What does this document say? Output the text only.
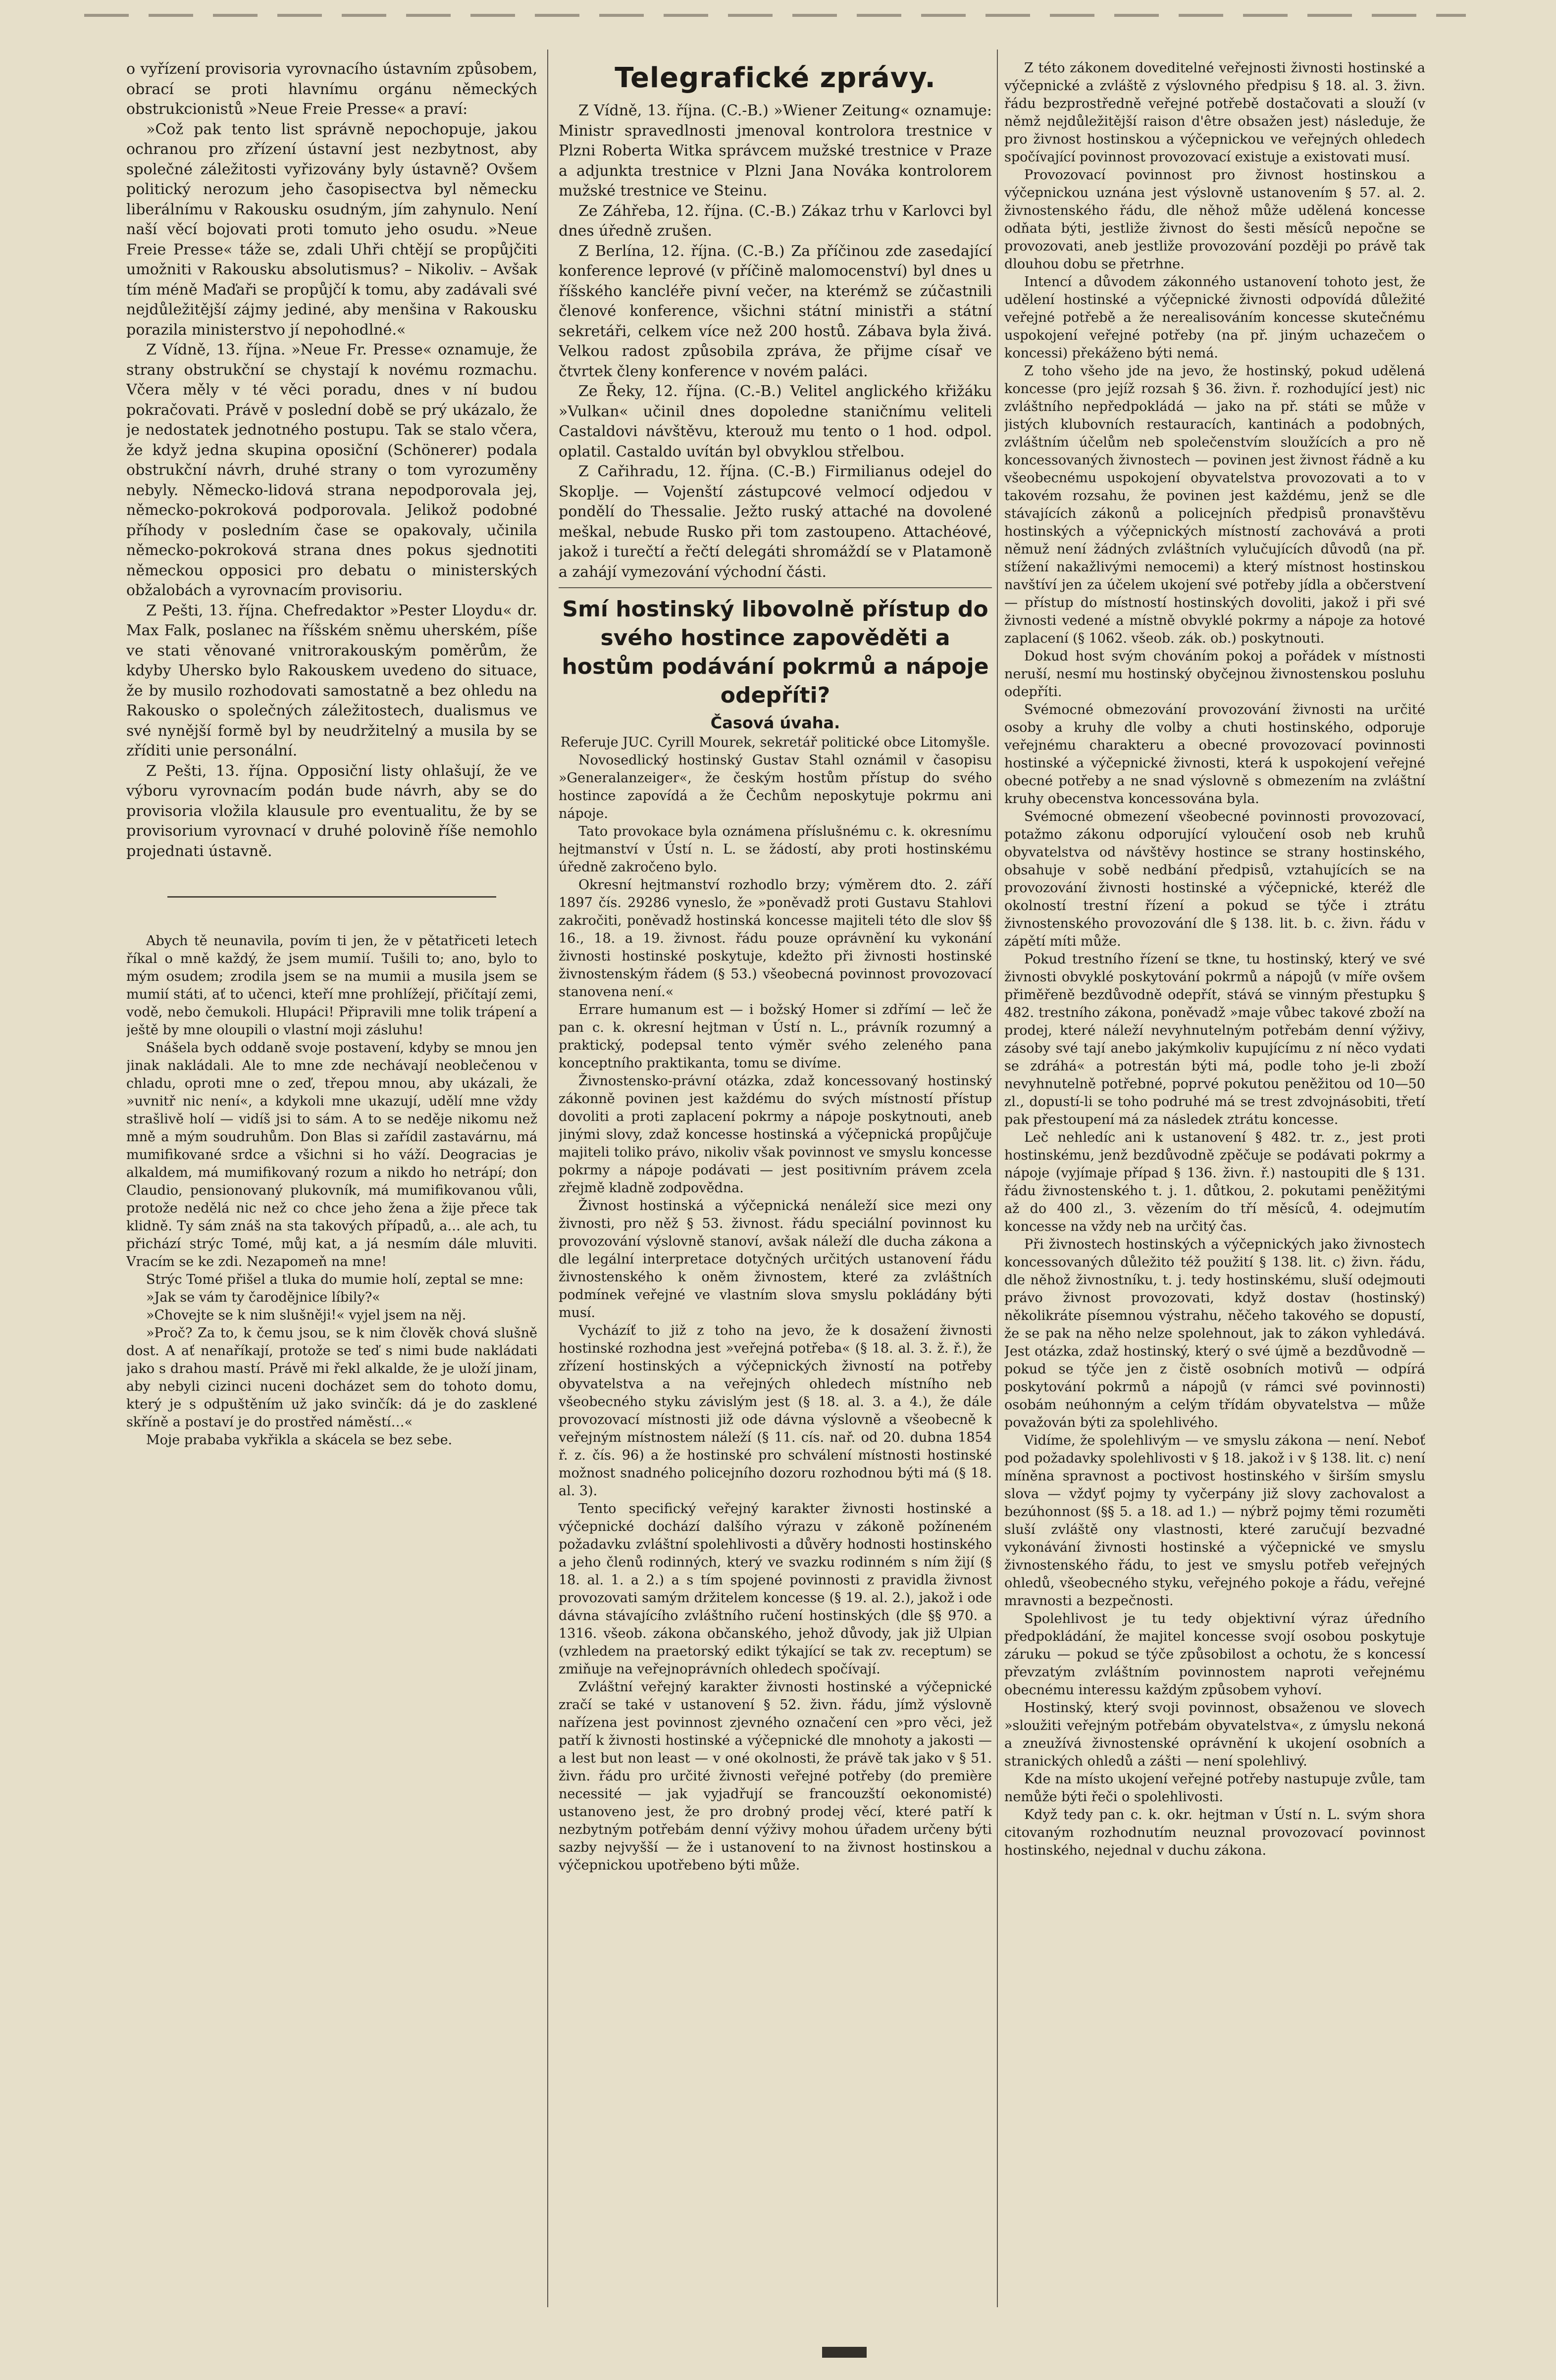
o vyřízení provisoria vyrovnacího ústavním způsobem, obrací se proti hlavnímu orgánu německých obstrukcionistů »Neue Freie Presse« a praví:

»Což pak tento list správně nepochopuje, jakou ochranou pro zřízení ústavní jest nezbytnost, aby společné záležitosti vyřizovány byly ústavně? Ovšem politický nerozum jeho časopisectva byl německu liberálnímu v Rakousku osudným, jím zahynulo. Není naší věcí bojovati proti tomuto jeho osudu. »Neue Freie Presse« táže se, zdali Uhři chtějí se propůjčiti umožniti v Rakousku absolutismus? – Nikoliv. – Avšak tím méně Maďaři se propůjčí k tomu, aby zadávali své nejdůležitější zájmy jediné, aby menšina v Rakousku porazila ministerstvo jí nepohodlné.«

Z Vídně, 13. října. »Neue Fr. Presse« oznamuje, že strany obstrukční se chystají k novému rozmachu. Včera měly v té věci poradu, dnes v ní budou pokračovati. Právě v poslední době se prý ukázalo, že je nedostatek jednotného postupu. Tak se stalo včera, že když jedna skupina oposiční (Schönerer) podala obstrukční návrh, druhé strany o tom vyrozuměny nebyly. Německo-lidová strana nepodporovala jej, německo-pokroková podporovala. Jelikož podobné příhody v posledním čase se opakovaly, učinila německo-pokroková strana dnes pokus sjednotiti německou opposici pro debatu o ministerských obžalobách a vyrovnacím provisoriu.

Z Pešti, 13. října. Chefredaktor »Pester Lloydu« dr. Max Falk, poslanec na říšském sněmu uherském, píše ve stati věnované vnitrorakouským poměrům, že kdyby Uhersko bylo Rakouskem uvedeno do situace, že by musilo rozhodovati samostatně a bez ohledu na Rakousko o společných záležitostech, dualismus ve své nynější formě byl by neudržitelný a musila by se zříditi unie personální.

Z Pešti, 13. října. Opposiční listy ohlašují, že ve výboru vyrovnacím podán bude návrh, aby se do provisoria vložila klausule pro eventualitu, že by se provisorium vyrovnací v druhé polovině říše nemohlo projednati ústavně.

Abych tě neunavila, povím ti jen, že v pětatřiceti letech říkal o mně každý, že jsem mumií. Tušili to; ano, bylo to mým osudem; zrodila jsem se na mumii a musila jsem se mumií státi, ať to učenci, kteří mne prohlížejí, přičítají zemi, vodě, nebo čemukoli. Hlupáci! Připravili mne tolik trápení a ještě by mne oloupili o vlastní moji zásluhu!

Snášela bych oddaně svoje postavení, kdyby se mnou jen jinak nakládali. Ale to mne zde nechávají neoblečenou v chladu, oproti mne o zeď, třepou mnou, aby ukázali, že »uvnitř nic není«, a kdykoli mne ukazují, udělí mne vždy strašlivě holí — vidíš jsi to sám. A to se neděje nikomu než mně a mým soudruhům. Don Blas si zařídil zastavárnu, má mumifikované srdce a všichni si ho váží. Deogracias je alkaldem, má mumifikovaný rozum a nikdo ho netrápí; don Claudio, pensionovaný plukovník, má mumifikovanou vůli, protože nedělá nic než co chce jeho žena a žije přece tak klidně. Ty sám znáš na sta takových případů, a… ale ach, tu přichází strýc Tomé, můj kat, a já nesmím dále mluviti. Vracím se ke zdi. Nezapomeň na mne!

Strýc Tomé přišel a tluka do mumie holí, zeptal se mne:

»Jak se vám ty čarodějnice líbily?«

»Chovejte se k nim slušněji!« vyjel jsem na něj.

»Proč? Za to, k čemu jsou, se k nim člověk chová slušně dost. A ať nenaříkají, protože se teď s nimi bude nakládati jako s drahou mastí. Právě mi řekl alkalde, že je uloží jinam, aby nebyli cizinci nuceni docházet sem do tohoto domu, který je s odpuštěním už jako svinčík: dá je do zasklené skříně a postaví je do prostřed náměstí…«

Moje prababa vykřikla a skácela se bez sebe.

Telegrafické zprávy.

Z Vídně, 13. října. (C.-B.) »Wiener Zeitung« oznamuje: Ministr spravedlnosti jmenoval kontrolora trestnice v Plzni Roberta Witka správcem mužské trestnice v Praze a adjunkta trestnice v Plzni Jana Nováka kontrolorem mužské trestnice ve Steinu.

Ze Záhřeba, 12. října. (C.-B.) Zákaz trhu v Karlovci byl dnes úředně zrušen.

Z Berlína, 12. října. (C.-B.) Za příčinou zde zasedající konference leprové (v příčině malomocenství) byl dnes u říšského kancléře pivní večer, na kterémž se zúčastnili členové konference, všichni státní ministři a státní sekretáři, celkem více než 200 hostů. Zábava byla živá. Velkou radost způsobila zpráva, že přijme císař ve čtvrtek členy konference v novém paláci.

Ze Řeky, 12. října. (C.-B.) Velitel anglického křižáku »Vulkan« učinil dnes dopoledne staničnímu veliteli Castaldovi návštěvu, kterouž mu tento o 1 hod. odpol. oplatil. Castaldo uvítán byl obvyklou střelbou.

Z Cařihradu, 12. října. (C.-B.) Firmilianus odejel do Skoplje. — Vojenští zástupcové velmocí odjedou v pondělí do Thessalie. Ježto ruský attaché na dovolené meškal, nebude Rusko při tom zastoupeno. Attachéové, jakož i turečtí a řečtí delegáti shromáždí se v Platamoně a zahájí vymezování východní části.

Smí hostinský libovolně přístup do svého hostince zapověděti a hostům podávání pokrmů a nápoje odepříti?
Časová úvaha.

Referuje JUC. Cyrill Mourek, sekretář politické obce Litomyšle.

Novosedlický hostinský Gustav Stahl oznámil v časopisu »Generalanzeiger«, že českým hostům přístup do svého hostince zapovídá a že Čechům neposkytuje pokrmu ani nápoje.

Tato provokace byla oznámena příslušnému c. k. okresnímu hejtmanství v Ústí n. L. se žádostí, aby proti hostinskému úředně zakročeno bylo.

Okresní hejtmanství rozhodlo brzy; výměrem dto. 2. září 1897 čís. 29286 vyneslo, že »poněvadž proti Gustavu Stahlovi zakročiti, poněvadž hostinská koncesse majiteli této dle slov §§ 16., 18. a 19. živnost. řádu pouze oprávnění ku vykonání živnosti hostinské poskytuje, kdežto při živnosti hostinské živnostenským řádem (§ 53.) všeobecná povinnost provozovací stanovena není.«

Errare humanum est — i božský Homer si zdřímí — leč že pan c. k. okresní hejtman v Ústí n. L., právník rozumný a praktický, podepsal tento výměr svého zeleného pana konceptního praktikanta, tomu se divíme.

Živnostensko-právní otázka, zdaž koncessovaný hostinský zákonně povinen jest každému do svých místností přístup dovoliti a proti zaplacení pokrmy a nápoje poskytnouti, aneb jinými slovy, zdaž koncesse hostinská a výčepnická propůjčuje majiteli toliko právo, nikoliv však povinnost ve smyslu koncesse pokrmy a nápoje podávati — jest positivním právem zcela zřejmě kladně zodpovědna.

Živnost hostinská a výčepnická nenáleží sice mezi ony živnosti, pro něž § 53. živnost. řádu speciální povinnost ku provozování výslovně stanoví, avšak náleží dle ducha zákona a dle legální interpretace dotyčných určitých ustanovení řádu živnostenského k oněm živnostem, které za zvláštních podmínek veřejné ve vlastním slova smyslu pokládány býti musí.

Vycházíť to již z toho na jevo, že k dosažení živnosti hostinské rozhodna jest »veřejná potřeba« (§ 18. al. 3. ž. ř.), že zřízení hostinských a výčepnických živností na potřeby obyvatelstva a na veřejných ohledech místního neb všeobecného styku závislým jest (§ 18. al. 3. a 4.), že dále provozovací místnosti již ode dávna výslovně a všeobecně k veřejným místnostem náleží (§ 11. cís. nař. od 20. dubna 1854 ř. z. čís. 96) a že hostinské pro schválení místnosti hostinské možnost snadného policejního dozoru rozhodnou býti má (§ 18. al. 3).

Tento specifický veřejný karakter živnosti hostinské a výčepnické dochází dalšího výrazu v zákoně požíneném požadavku zvláštní spolehlivosti a důvěry hodnosti hostinského a jeho členů rodinných, který ve svazku rodinném s ním žijí (§ 18. al. 1. a 2.) a s tím spojené povinnosti z pravidla živnost provozovati samým držitelem koncesse (§ 19. al. 2.), jakož i ode dávna stávajícího zvláštního ručení hostinských (dle §§ 970. a 1316. všeob. zákona občanského, jehož důvody, jak již Ulpian (vzhledem na praetorský edikt týkající se tak zv. receptum) se zmiňuje na veřejnoprávních ohledech spočívají.

Zvláštní veřejný karakter živnosti hostinské a výčepnické zračí se také v ustanovení § 52. živn. řádu, jímž výslovně nařízena jest povinnost zjevného označení cen »pro věci, jež patří k živnosti hostinské a výčepnické dle mnohoty a jakosti — a lest but non least — v oné okolnosti, že právě tak jako v § 51. živn. řádu pro určité živnosti veřejné potřeby (do première necessité — jak vyjadřují se francouzští oekonomisté) ustanoveno jest, že pro drobný prodej věcí, které patří k nezbytným potřebám denní výživy mohou úřadem určeny býti sazby nejvyšší — že i ustanovení to na živnost hostinskou a výčepnickou upotřebeno býti může.

Z této zákonem doveditelné veřejnosti živnosti hostinské a výčepnické a zvláště z výslovného předpisu § 18. al. 3. živn. řádu bezprostředně veřejné potřebě dostačovati a slouží (v němž nejdůležitější raison d'être obsažen jest) následuje, že pro živnost hostinskou a výčepnickou ve veřejných ohledech spočívající povinnost provozovací existuje a existovati musí.

Provozovací povinnost pro živnost hostinskou a výčepnickou uznána jest výslovně ustanovením § 57. al. 2. živnostenského řádu, dle něhož může udělená koncesse odňata býti, jestliže živnost do šesti měsíců nepočne se provozovati, aneb jestliže provozování později po právě tak dlouhou dobu se přetrhne.

Intencí a důvodem zákonného ustanovení tohoto jest, že udělení hostinské a výčepnické živnosti odpovídá důležité veřejné potřebě a že nerealisováním koncesse skutečnému uspokojení veřejné potřeby (na př. jiným uchazečem o koncessi) překáženo býti nemá.

Z toho všeho jde na jevo, že hostinský, pokud udělená koncesse (pro jejíž rozsah § 36. živn. ř. rozhodující jest) nic zvláštního nepředpokládá — jako na př. státi se může v jistých klubovních restauracích, kantinách a podobných, zvláštním účelům neb společenstvím sloužících a pro ně koncessovaných živnostech — povinen jest živnost řádně a ku všeobecnému uspokojení obyvatelstva provozovati a to v takovém rozsahu, že povinen jest každému, jenž se dle stávajících zákonů a policejních předpisů pronavštěvu hostinských a výčepnických místností zachovává a proti němuž není žádných zvláštních vylučujících důvodů (na př. stížení nakažlivými nemocemi) a který místnost hostinskou navštíví jen za účelem ukojení své potřeby jídla a občerstvení — přístup do místností hostinských dovoliti, jakož i při své živnosti vedené a místně obvyklé pokrmy a nápoje za hotové zaplacení (§ 1062. všeob. zák. ob.) poskytnouti.

Dokud host svým chováním pokoj a pořádek v místnosti neruší, nesmí mu hostinský obyčejnou živnostenskou posluhu odepříti.

Svémocné obmezování provozování živnosti na určité osoby a kruhy dle volby a chuti hostinského, odporuje veřejnému charakteru a obecné provozovací povinnosti hostinské a výčepnické živnosti, která k uspokojení veřejné obecné potřeby a ne snad výslovně s obmezením na zvláštní kruhy obecenstva koncessována byla.

Svémocné obmezení všeobecné povinnosti provozovací, potažmo zákonu odporující vyloučení osob neb kruhů obyvatelstva od návštěvy hostince se strany hostinského, obsahuje v sobě nedbání předpisů, vztahujících se na provozování živnosti hostinské a výčepnické, kteréž dle okolností trestní řízení a pokud se týče i ztrátu živnostenského provozování dle § 138. lit. b. c. živn. řádu v zápětí míti může.

Pokud trestního řízení se tkne, tu hostinský, který ve své živnosti obvyklé poskytování pokrmů a nápojů (v míře ovšem přiměřeně bezdůvodně odepřít, stává se vinným přestupku § 482. trestního zákona, poněvadž »maje vůbec takové zboží na prodej, které náleží nevyhnutelným potřebám denní výživy, zásoby své tají anebo jakýmkoliv kupujícímu z ní něco vydati se zdráhá« a potrestán býti má, podle toho je-li zboží nevyhnutelně potřebné, poprvé pokutou peněžitou od 10—50 zl., dopustí-li se toho podruhé má se trest zdvojnásobiti, třetí pak přestoupení má za následek ztrátu koncesse.

Leč nehledíc ani k ustanovení § 482. tr. z., jest proti hostinskému, jenž bezdůvodně zpěčuje se podávati pokrmy a nápoje (vyjímaje případ § 136. živn. ř.) nastoupiti dle § 131. řádu živnostenského t. j. 1. důtkou, 2. pokutami peněžitými až do 400 zl., 3. vězením do tří měsíců, 4. odejmutím koncesse na vždy neb na určitý čas.

Při živnostech hostinských a výčepnických jako živnostech koncessovaných důležito též použití § 138. lit. c) živn. řádu, dle něhož živnostníku, t. j. tedy hostinskému, sluší odejmouti právo živnost provozovati, když dostav (hostinský) několikráte písemnou výstrahu, něčeho takového se dopustí, že se pak na něho nelze spolehnout, jak to zákon vyhledává. Jest otázka, zdaž hostinský, který o své újmě a bezdůvodně — pokud se týče jen z čistě osobních motivů — odpírá poskytování pokrmů a nápojů (v rámci své povinnosti) osobám neúhonným a celým třídám obyvatelstva — může považován býti za spolehlivého.

Vidíme, že spolehlivým — ve smyslu zákona — není. Neboť pod požadavky spolehlivosti v § 18. jakož i v § 138. lit. c) není míněna spravnost a poctivost hostinského v širším smyslu slova — vždyť pojmy ty vyčerpány již slovy zachovalost a bezúhonnost (§§ 5. a 18. ad 1.) — nýbrž pojmy těmi rozuměti sluší zvláště ony vlastnosti, které zaručují bezvadné vykonávání živnosti hostinské a výčepnické ve smyslu živnostenského řádu, to jest ve smyslu potřeb veřejných ohledů, všeobecného styku, veřejného pokoje a řádu, veřejné mravnosti a bezpečnosti.

Spolehlivost je tu tedy objektivní výraz úředního předpokládání, že majitel koncesse svojí osobou poskytuje záruku — pokud se týče způsobilost a ochotu, že s koncessí převzatým zvláštním povinnostem naproti veřejnému obecnému interessu každým způsobem vyhoví.

Hostinský, který svoji povinnost, obsaženou ve slovech »sloužiti veřejným potřebám obyvatelstva«, z úmyslu nekoná a zneužívá živnostenské oprávnění k ukojení osobních a stranických ohledů a zášti — není spolehlivý.

Kde na místo ukojení veřejné potřeby nastupuje zvůle, tam nemůže býti řeči o spolehlivosti.

Když tedy pan c. k. okr. hejtman v Ústí n. L. svým shora citovaným rozhodnutím neuznal provozovací povinnost hostinského, nejednal v duchu zákona.
